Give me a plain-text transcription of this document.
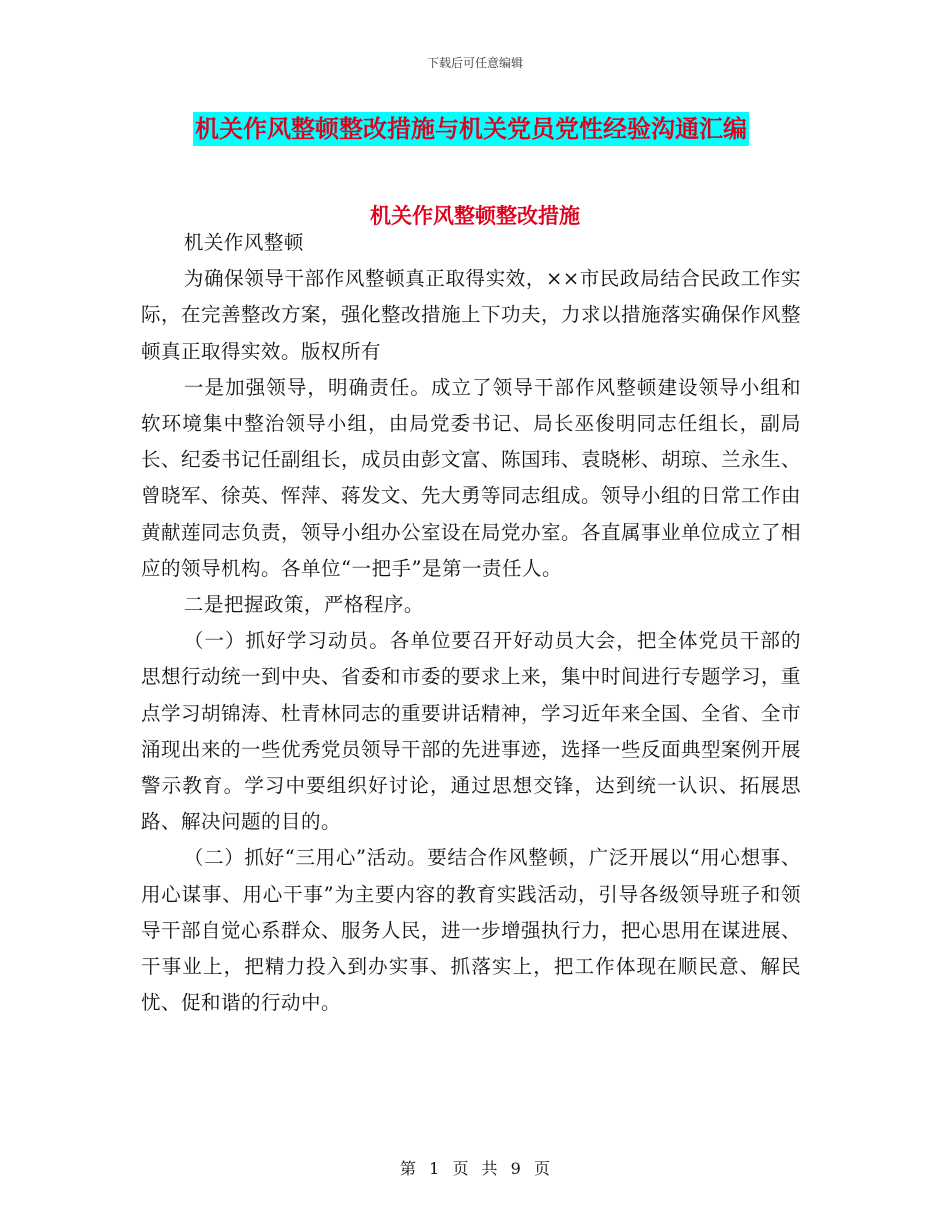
下载后可任意编辑
机关作风整顿整改措施与机关党员党性经验沟通汇编
机关作风整顿整改措施

机关作风整顿

为确保领导干部作风整顿真正取得实效，××市民政局结合民政工作实际，在完善整改方案，强化整改措施上下功夫，力求以措施落实确保作风整顿真正取得实效。版权所有

一是加强领导，明确责任。成立了领导干部作风整顿建设领导小组和软环境集中整治领导小组，由局党委书记、局长巫俊明同志任组长，副局长、纪委书记任副组长，成员由彭文富、陈国玮、袁晓彬、胡琼、兰永生、曾晓军、徐英、恽萍、蒋发文、先大勇等同志组成。领导小组的日常工作由黄献莲同志负责，领导小组办公室设在局党办室。各直属事业单位成立了相应的领导机构。各单位“一把手”是第一责任人。

二是把握政策，严格程序。

（一）抓好学习动员。各单位要召开好动员大会，把全体党员干部的思想行动统一到中央、省委和市委的要求上来，集中时间进行专题学习，重点学习胡锦涛、杜青林同志的重要讲话精神，学习近年来全国、全省、全市涌现出来的一些优秀党员领导干部的先进事迹，选择一些反面典型案例开展警示教育。学习中要组织好讨论，通过思想交锋，达到统一认识、拓展思路、解决问题的目的。

（二）抓好“三用心”活动。要结合作风整顿，广泛开展以“用心想事、用心谋事、用心干事”为主要内容的教育实践活动，引导各级领导班子和领导干部自觉心系群众、服务人民，进一步增强执行力，把心思用在谋进展、干事业上，把精力投入到办实事、抓落实上，把工作体现在顺民意、解民忧、促和谐的行动中。

第 1 页 共 9 页
